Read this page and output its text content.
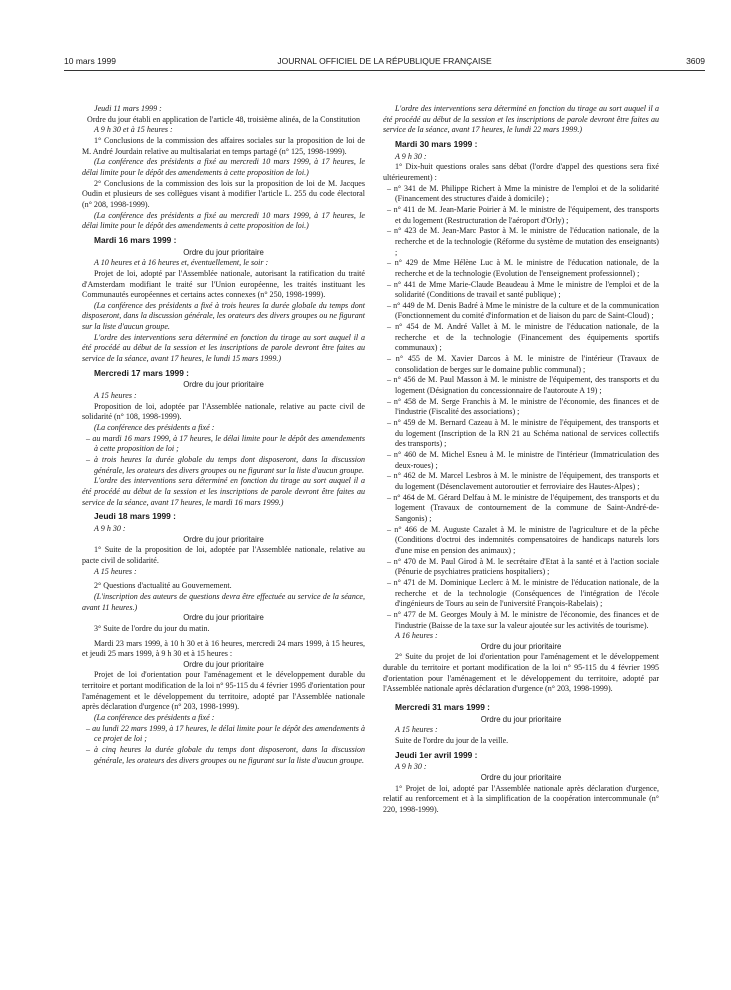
10 mars 1999	JOURNAL OFFICIEL DE LA RÉPUBLIQUE FRANÇAISE	3609
Jeudi 11 mars 1999 :

Ordre du jour établi en application de l'article 48, troisième alinéa, de la Constitution

A 9 h 30 et à 15 heures :

1° Conclusions de la commission des affaires sociales sur la proposition de loi de M. André Jourdain relative au multisalariat en temps partagé (n° 125, 1998-1999).

(La conférence des présidents a fixé au mercredi 10 mars 1999, à 17 heures, le délai limite pour le dépôt des amendements à cette proposition de loi.)

2° Conclusions de la commission des lois sur la proposition de loi de M. Jacques Oudin et plusieurs de ses collègues visant à modifier l'article L. 255 du code électoral (n° 208, 1998-1999).

(La conférence des présidents a fixé au mercredi 10 mars 1999, à 17 heures, le délai limite pour le dépôt des amendements à cette proposition de loi.)

Mardi 16 mars 1999 :

Ordre du jour prioritaire

A 10 heures et à 16 heures et, éventuellement, le soir :

Projet de loi, adopté par l'Assemblée nationale, autorisant la ratification du traité d'Amsterdam modifiant le traité sur l'Union européenne, les traités instituant les Communautés européennes et certains actes connexes (n° 250, 1998-1999).

(La conférence des présidents a fixé à trois heures la durée globale du temps dont disposeront, dans la discussion générale, les orateurs des divers groupes ou ne figurant sur la liste d'aucun groupe.

L'ordre des interventions sera déterminé en fonction du tirage au sort auquel il a été procédé au début de la session et les inscriptions de parole devront être faites au service de la séance, avant 17 heures, le lundi 15 mars 1999.)

Mercredi 17 mars 1999 :

Ordre du jour prioritaire

A 15 heures :

Proposition de loi, adoptée par l'Assemblée nationale, relative au pacte civil de solidarité (n° 108, 1998-1999).

(La conférence des présidents a fixé :

– au mardi 16 mars 1999, à 17 heures, le délai limite pour le dépôt des amendements à cette proposition de loi ;
– à trois heures la durée globale du temps dont disposeront, dans la discussion générale, les orateurs des divers groupes ou ne figurant sur la liste d'aucun groupe.

L'ordre des interventions sera déterminé en fonction du tirage au sort auquel il a été procédé au début de la session et les inscriptions de parole devront être faites au service de la séance, avant 17 heures, le mardi 16 mars 1999.)

Jeudi 18 mars 1999 :

A 9 h 30 :

Ordre du jour prioritaire

1° Suite de la proposition de loi, adoptée par l'Assemblée nationale, relative au pacte civil de solidarité.

A 15 heures :

2° Questions d'actualité au Gouvernement.

(L'inscription des auteurs de questions devra être effectuée au service de la séance, avant 11 heures.)

Ordre du jour prioritaire

3° Suite de l'ordre du jour du matin.

Mardi 23 mars 1999, à 10 h 30 et à 16 heures, mercredi 24 mars 1999, à 15 heures, et jeudi 25 mars 1999, à 9 h 30 et à 15 heures :

Ordre du jour prioritaire

Projet de loi d'orientation pour l'aménagement et le développement durable du territoire et portant modification de la loi n° 95-115 du 4 février 1995 d'orientation pour l'aménagement et le développement du territoire, adopté par l'Assemblée nationale après déclaration d'urgence (n° 203, 1998-1999).

(La conférence des présidents a fixé :

– au lundi 22 mars 1999, à 17 heures, le délai limite pour le dépôt des amendements à ce projet de loi ;
– à cinq heures la durée globale du temps dont disposeront, dans la discussion générale, les orateurs des divers groupes ou ne figurant sur la liste d'aucun groupe.

L'ordre des interventions sera déterminé en fonction du tirage au sort auquel il a été procédé au début de la session et les inscriptions de parole devront être faites au service de la séance, avant 17 heures, le lundi 22 mars 1999.)

Mardi 30 mars 1999 :

A 9 h 30 :

1° Dix-huit questions orales sans débat (l'ordre d'appel des questions sera fixé ultérieurement) :

– n° 341 de M. Philippe Richert à Mme la ministre de l'emploi et de la solidarité (Financement des structures d'aide à domicile) ;
– n° 411 de M. Jean-Marie Poirier à M. le ministre de l'équipement, des transports et du logement (Restructuration de l'aéroport d'Orly) ;
– n° 423 de M. Jean-Marc Pastor à M. le ministre de l'éducation nationale, de la recherche et de la technologie (Réforme du système de mutation des enseignants) ;
– n° 429 de Mme Hélène Luc à M. le ministre de l'éducation nationale, de la recherche et de la technologie (Evolution de l'enseignement professionnel) ;
– n° 441 de Mme Marie-Claude Beaudeau à Mme le ministre de l'emploi et de la solidarité (Conditions de travail et santé publique) ;
– n° 449 de M. Denis Badré à Mme le ministre de la culture et de la communication (Fonctionnement du comité d'information et de liaison du parc de Saint-Cloud) ;
– n° 454 de M. André Vallet à M. le ministre de l'éducation nationale, de la recherche et de la technologie (Financement des équipements sportifs communaux) ;
– n° 455 de M. Xavier Darcos à M. le ministre de l'intérieur (Travaux de consolidation de berges sur le domaine public communal) ;
– n° 456 de M. Paul Masson à M. le ministre de l'équipement, des transports et du logement (Désignation du concessionnaire de l'autoroute A 19) ;
– n° 458 de M. Serge Franchis à M. le ministre de l'économie, des finances et de l'industrie (Fiscalité des associations) ;
– n° 459 de M. Bernard Cazeau à M. le ministre de l'équipement, des transports et du logement (Inscription de la RN 21 au Schéma national de services collectifs des transports) ;
– n° 460 de M. Michel Esneu à M. le ministre de l'intérieur (Immatriculation des deux-roues) ;
– n° 462 de M. Marcel Lesbros à M. le ministre de l'équipement, des transports et du logement (Désenclavement autoroutier et ferroviaire des Hautes-Alpes) ;
– n° 464 de M. Gérard Delfau à M. le ministre de l'équipement, des transports et du logement (Travaux de contournement de la commune de Saint-André-de-Sangonis) ;
– n° 466 de M. Auguste Cazalet à M. le ministre de l'agriculture et de la pêche (Conditions d'octroi des indemnités compensatoires de handicaps naturels lors d'une mise en pension des animaux) ;
– n° 470 de M. Paul Girod à M. le secrétaire d'Etat à la santé et à l'action sociale (Pénurie de psychiatres praticiens hospitaliers) ;
– n° 471 de M. Dominique Leclerc à M. le ministre de l'éducation nationale, de la recherche et de la technologie (Conséquences de l'intégration de l'école d'ingénieurs de Tours au sein de l'université François-Rabelais) ;
– n° 477 de M. Georges Mouly à M. le ministre de l'économie, des finances et de l'industrie (Baisse de la taxe sur la valeur ajoutée sur les activités de tourisme).

A 16 heures :

Ordre du jour prioritaire

2° Suite du projet de loi d'orientation pour l'aménagement et le développement durable du territoire et portant modification de la loi n° 95-115 du 4 février 1995 d'orientation pour l'aménagement et le développement du territoire, adopté par l'Assemblée nationale après déclaration d'urgence (n° 203, 1998-1999).

Mercredi 31 mars 1999 :

Ordre du jour prioritaire

A 15 heures :

Suite de l'ordre du jour de la veille.

Jeudi 1er avril 1999 :

A 9 h 30 :

Ordre du jour prioritaire

1° Projet de loi, adopté par l'Assemblée nationale après déclaration d'urgence, relatif au renforcement et à la simplification de la coopération intercommunale (n° 220, 1998-1999).
